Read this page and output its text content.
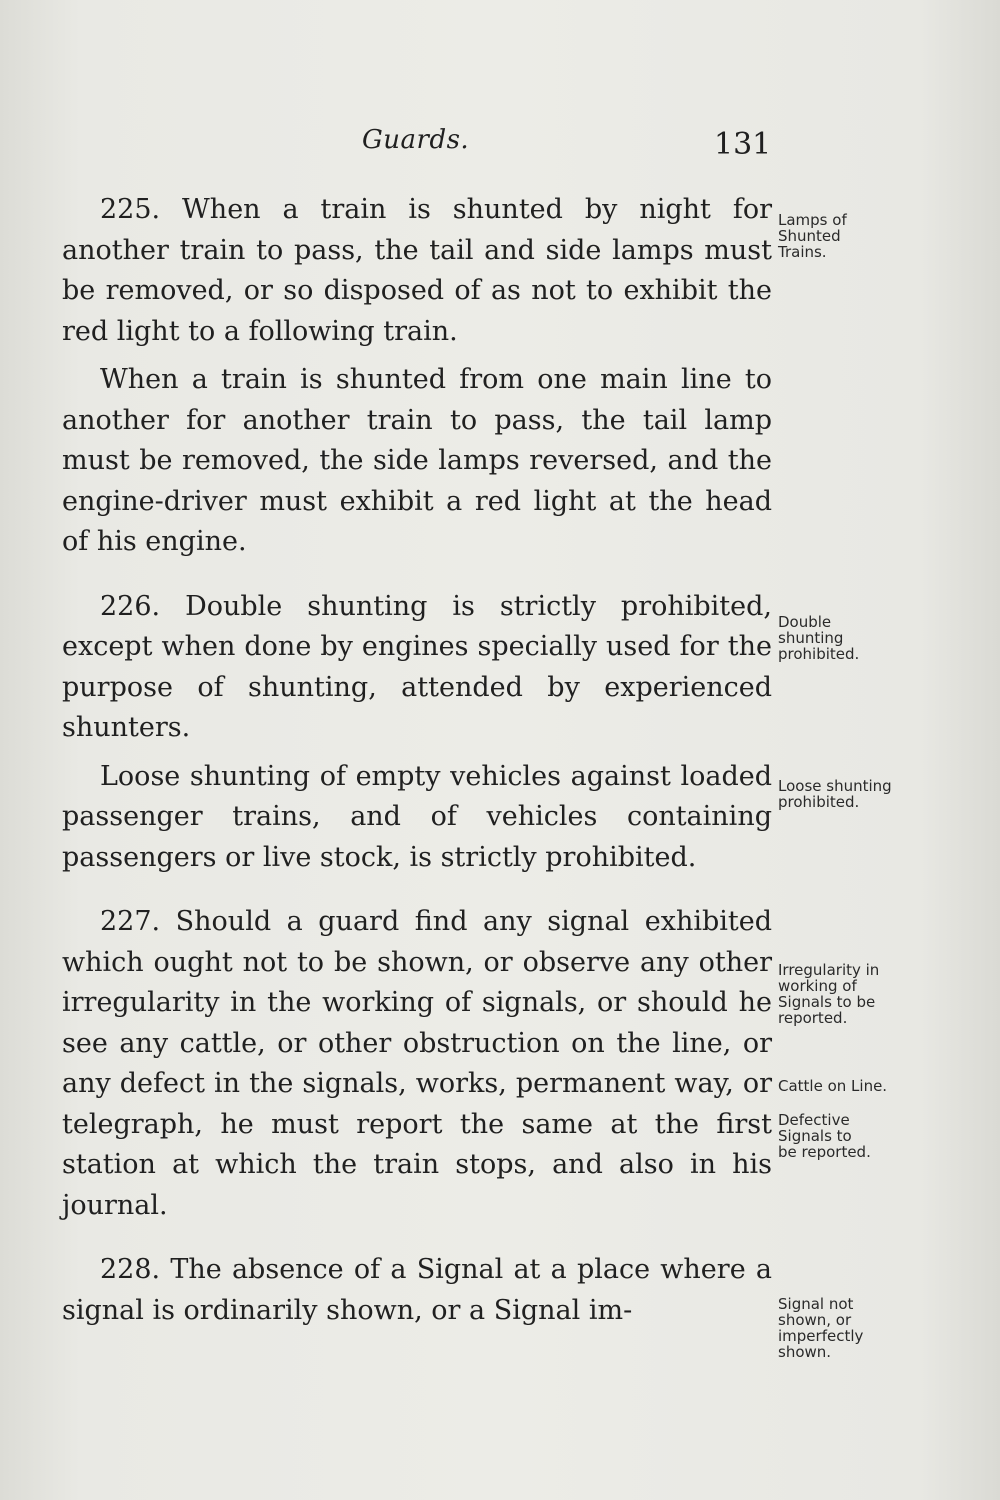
Guards.	131

225. When a train is shunted by night for another train to pass, the tail and side lamps must be removed, or so disposed of as not to exhibit the red light to a following train.

When a train is shunted from one main line to another for another train to pass, the tail lamp must be removed, the side lamps reversed, and the engine-driver must exhibit a red light at the head of his engine.

226. Double shunting is strictly prohibited, except when done by engines specially used for the purpose of shunting, attended by experienced shunters.

Loose shunting of empty vehicles against loaded passenger trains, and of vehicles containing passengers or live stock, is strictly prohibited.

227. Should a guard find any signal exhibited which ought not to be shown, or observe any other irregularity in the working of signals, or should he see any cattle, or other obstruction on the line, or any defect in the signals, works, permanent way, or telegraph, he must report the same at the first station at which the train stops, and also in his journal.

228. The absence of a Signal at a place where a signal is ordinarily shown, or a Signal im-

Lamps of
Shunted
Trains.
Double
shunting
prohibited.
Loose shunting
prohibited.
Irregularity in
working of
Signals to be
reported.
Cattle on Line.
Defective
Signals to
be reported.
Signal not
shown, or
imperfectly
shown.
